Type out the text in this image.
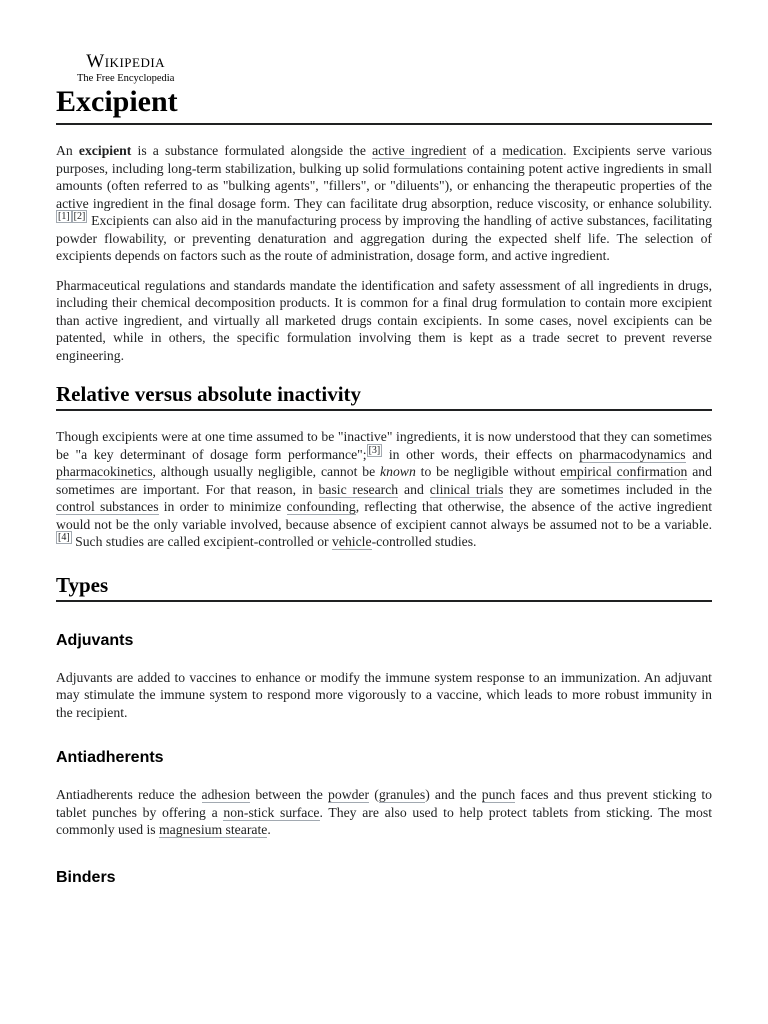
Wikipedia
The Free Encyclopedia
Excipient

An excipient is a substance formulated alongside the active ingredient of a medication. Excipients serve various purposes, including long-term stabilization, bulking up solid formulations containing potent active ingredients in small amounts (often referred to as "bulking agents", "fillers", or "diluents"), or enhancing the therapeutic properties of the active ingredient in the final dosage form. They can facilitate drug absorption, reduce viscosity, or enhance solubility.[1] [2] Excipients can also aid in the manufacturing process by improving the handling of active substances, facilitating powder flowability, or preventing denaturation and aggregation during the expected shelf life. The selection of excipients depends on factors such as the route of administration, dosage form, and active ingredient.

Pharmaceutical regulations and standards mandate the identification and safety assessment of all ingredients in drugs, including their chemical decomposition products. It is common for a final drug formulation to contain more excipient than active ingredient, and virtually all marketed drugs contain excipients. In some cases, novel excipients can be patented, while in others, the specific formulation involving them is kept as a trade secret to prevent reverse engineering.

Relative versus absolute inactivity

Though excipients were at one time assumed to be "inactive" ingredients, it is now understood that they can sometimes be "a key determinant of dosage form performance"; [3] in other words, their effects on pharmacodynamics and pharmacokinetics, although usually negligible, cannot be known to be negligible without empirical confirmation and sometimes are important. For that reason, in basic research and clinical trials they are sometimes included in the control substances in order to minimize confounding, reflecting that otherwise, the absence of the active ingredient would not be the only variable involved, because absence of excipient cannot always be assumed not to be a variable.[4] Such studies are called excipient-controlled or vehicle-controlled studies.

Types
Adjuvants

Adjuvants are added to vaccines to enhance or modify the immune system response to an immunization. An adjuvant may stimulate the immune system to respond more vigorously to a vaccine, which leads to more robust immunity in the recipient.

Antiadherents

Antiadherents reduce the adhesion between the powder (granules) and the punch faces and thus prevent sticking to tablet punches by offering a non-stick surface. They are also used to help protect tablets from sticking. The most commonly used is magnesium stearate.

Binders
